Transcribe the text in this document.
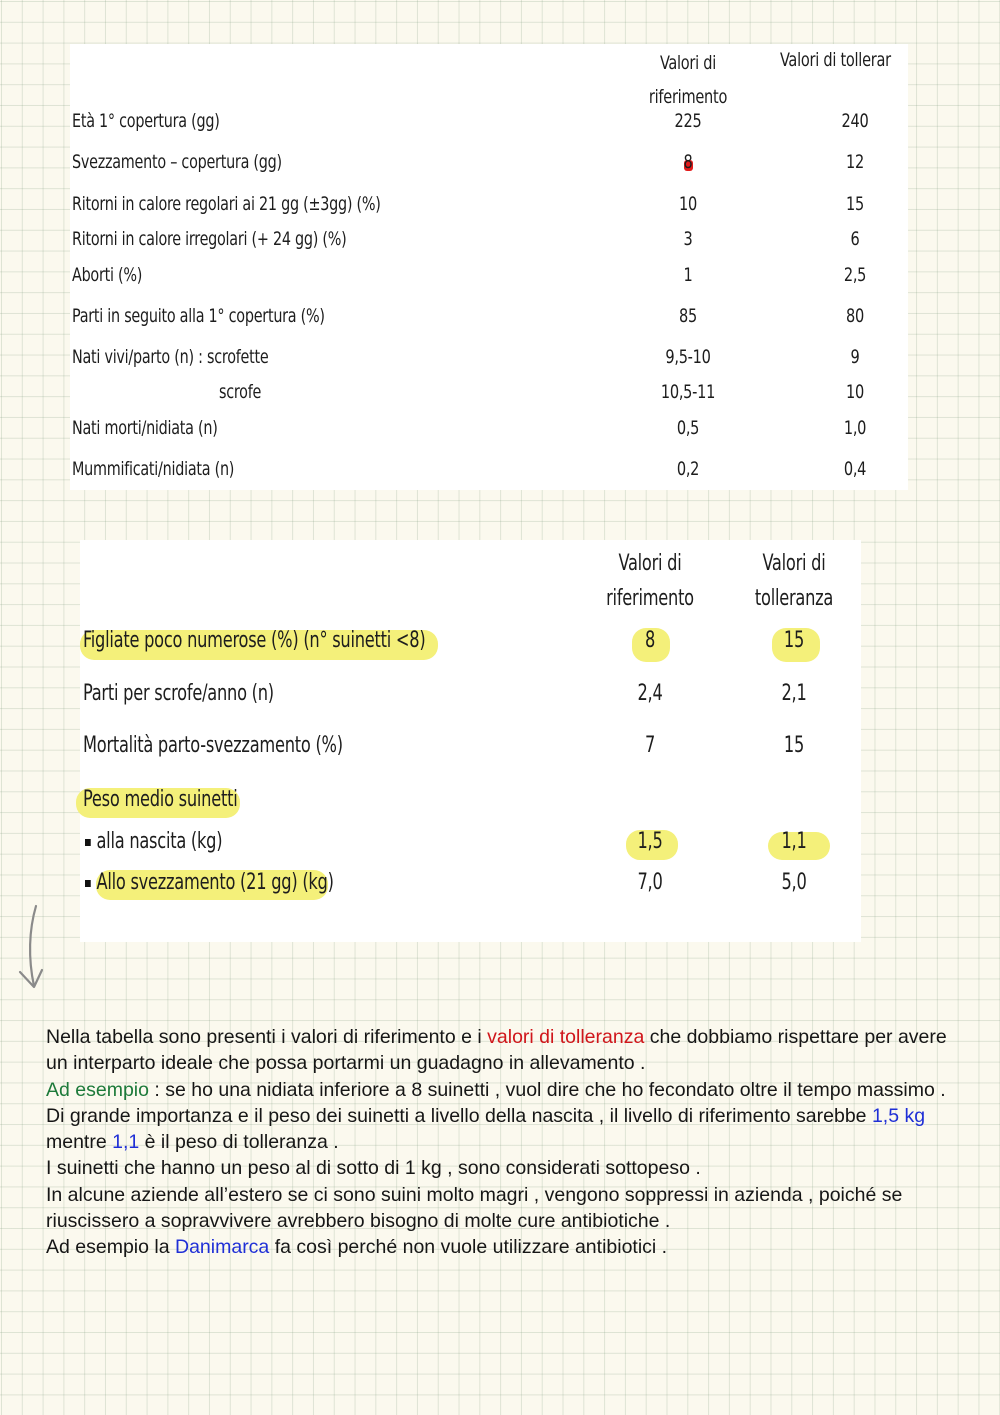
Valori di
riferimento
Valori di tollerar
Età 1° copertura (gg)	225	240
Svezzamento – copertura (gg)	8	12
Ritorni in calore regolari ai 21 gg (±3gg) (%)	10	15
Ritorni in calore irregolari (+ 24 gg) (%)	3	6
Aborti (%)	1	2,5
Parti in seguito alla 1° copertura (%)	85	80
Nati vivi/parto (n) : scrofette	9,5-10	9
scrofe	10,5-11	10
Nati morti/nidiata (n)	0,5	1,0
Mummificati/nidiata (n)	0,2	0,4
Valori di
riferimento
Valori di
tolleranza
Figliate poco numerose (%) (n° suinetti <8)	8	15
Parti per scrofe/anno (n)	2,4	2,1
Mortalità parto-svezzamento (%)	7	15
Peso medio suinetti
alla nascita (kg)	1,5	1,1
Allo svezzamento (21 gg) (kg)	7,0	5,0

Nella tabella sono presenti i valori di riferimento e i valori di tolleranza che dobbiamo rispettare per avere un interparto ideale che possa portarmi un guadagno in allevamento .

Ad esempio : se ho una nidiata inferiore a 8 suinetti , vuol dire che ho fecondato oltre il tempo massimo .

Di grande importanza e il peso dei suinetti a livello della nascita , il livello di riferimento sarebbe 1,5 kg mentre 1,1 è il peso di tolleranza .

I suinetti che hanno un peso al di sotto di 1 kg , sono considerati sottopeso .

In alcune aziende all’estero se ci sono suini molto magri , vengono soppressi in azienda , poiché se riuscissero a sopravvivere avrebbero bisogno di molte cure antibiotiche .

Ad esempio la Danimarca fa così perché non vuole utilizzare antibiotici .
